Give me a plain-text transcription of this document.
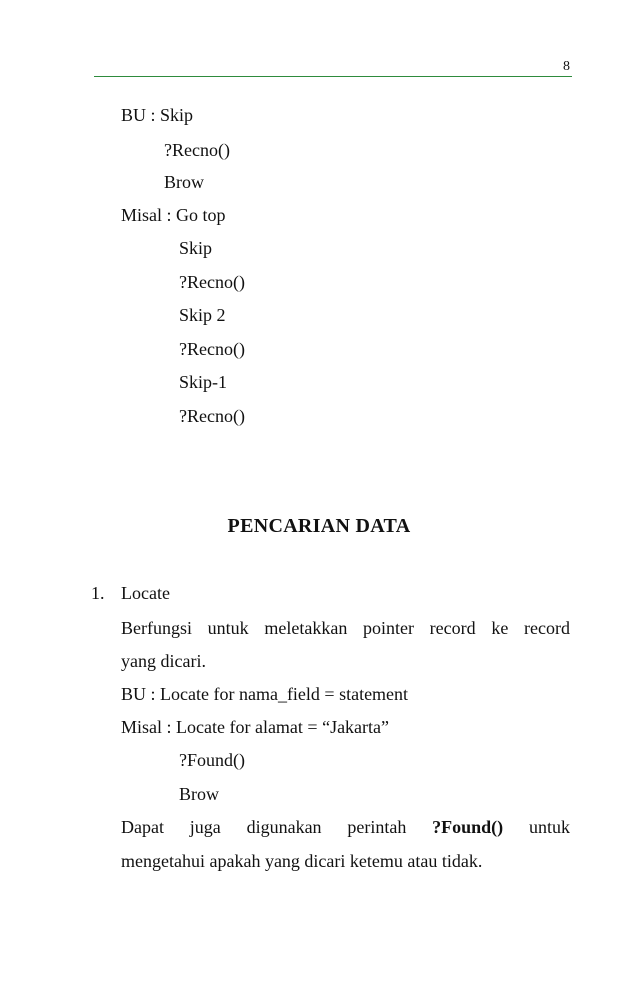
8
BU : Skip
?Recno()
Brow
Misal : Go top
Skip
?Recno()
Skip 2
?Recno()
Skip-1
?Recno()
PENCARIAN DATA
1. Locate
Berfungsi untuk meletakkan pointer record ke record
yang dicari.
BU : Locate for nama_field = statement
Misal : Locate for alamat = “Jakarta”
?Found()
Brow
Dapat juga digunakan perintah ?Found() untuk
mengetahui apakah yang dicari ketemu atau tidak.
